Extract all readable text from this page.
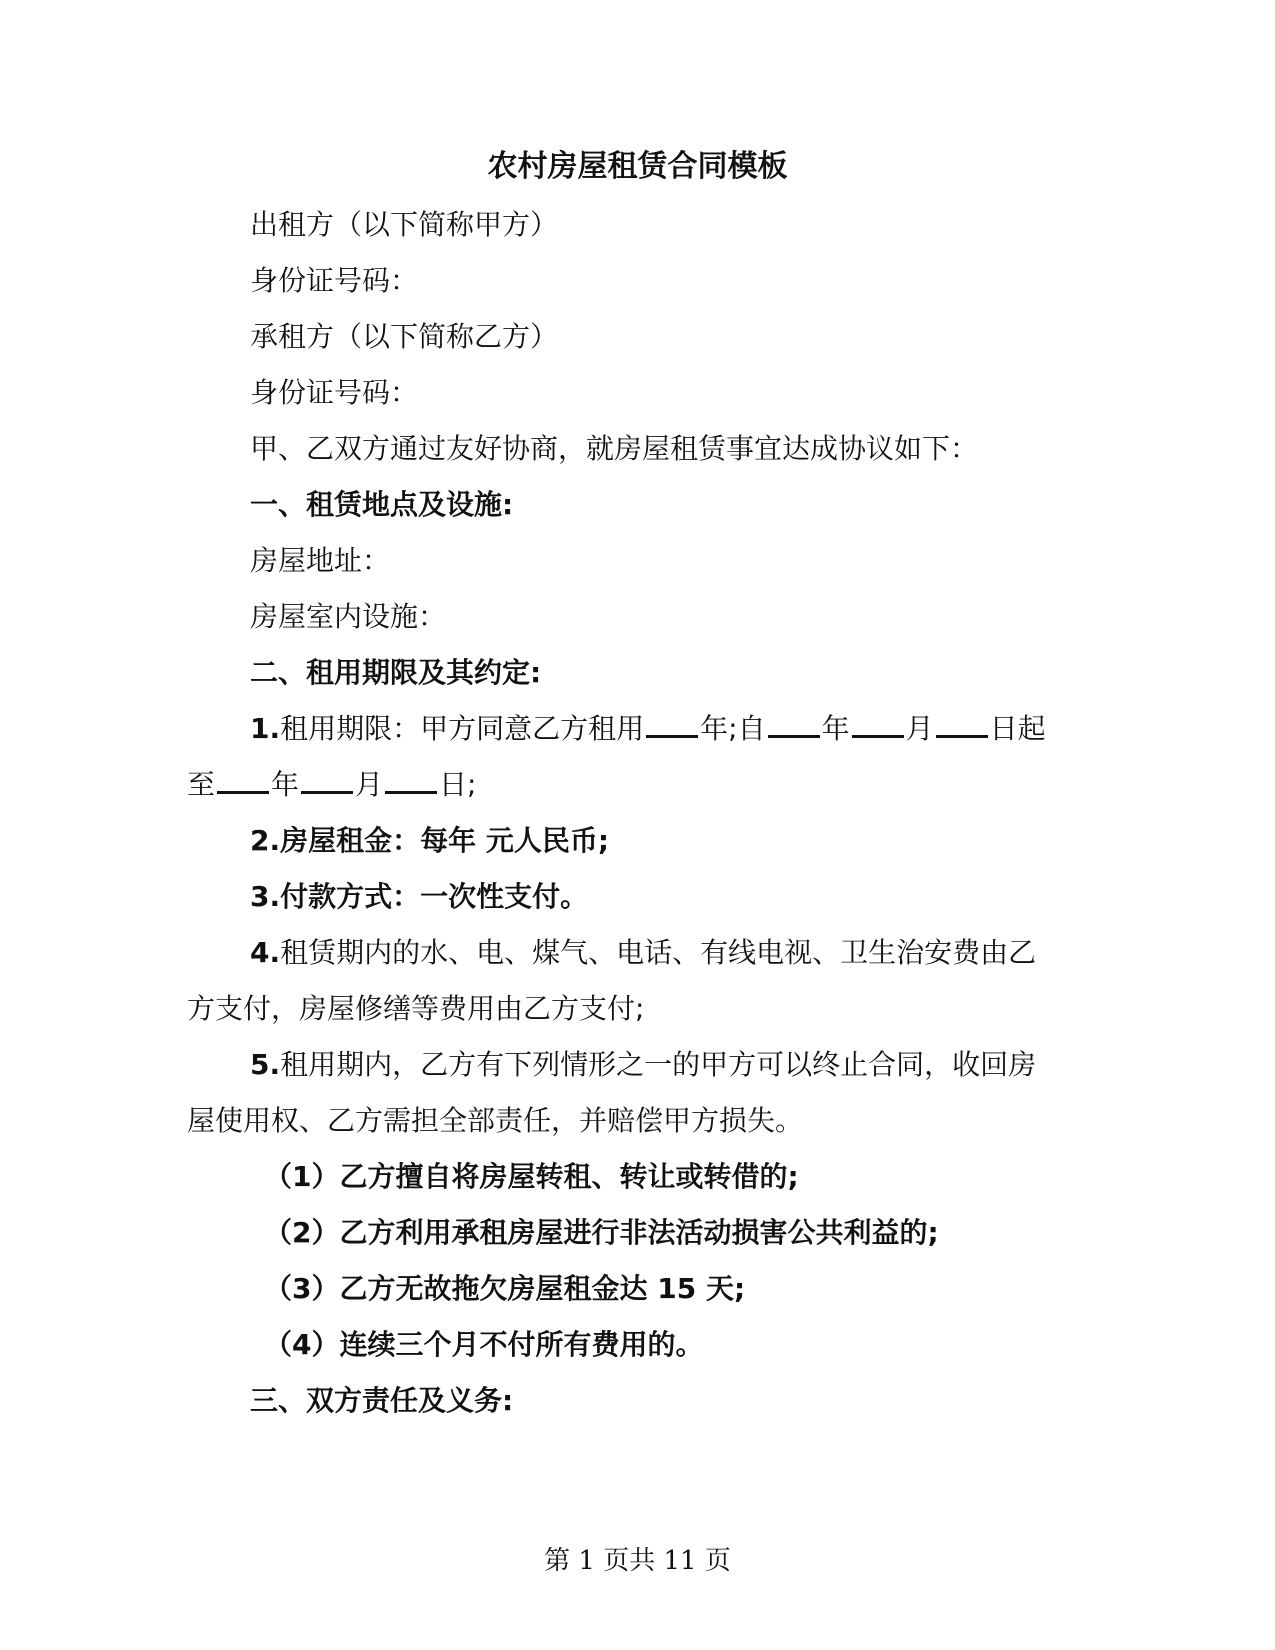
农村房屋租赁合同模板
出租方（以下简称甲方）
身份证号码：
承租方（以下简称乙方）
身份证号码：
甲、乙双方通过友好协商，就房屋租赁事宜达成协议如下：
一、租赁地点及设施:
房屋地址：
房屋室内设施：
二、租用期限及其约定:
1.租用期限：甲方同意乙方租用 年;自 年 月 日起
至 年 月 日;
2.房屋租金：每年 元人民币;
3.付款方式：一次性支付。
4.租赁期内的水、电、煤气、电话、有线电视、卫生治安费由乙
方支付，房屋修缮等费用由乙方支付;
5.租用期内，乙方有下列情形之一的甲方可以终止合同，收回房
屋使用权、乙方需担全部责任，并赔偿甲方损失。
（1）乙方擅自将房屋转租、转让或转借的;
（2）乙方利用承租房屋进行非法活动损害公共利益的;
（3）乙方无故拖欠房屋租金达 15 天;
（4）连续三个月不付所有费用的。
三、双方责任及义务:
第 1 页共 11 页
